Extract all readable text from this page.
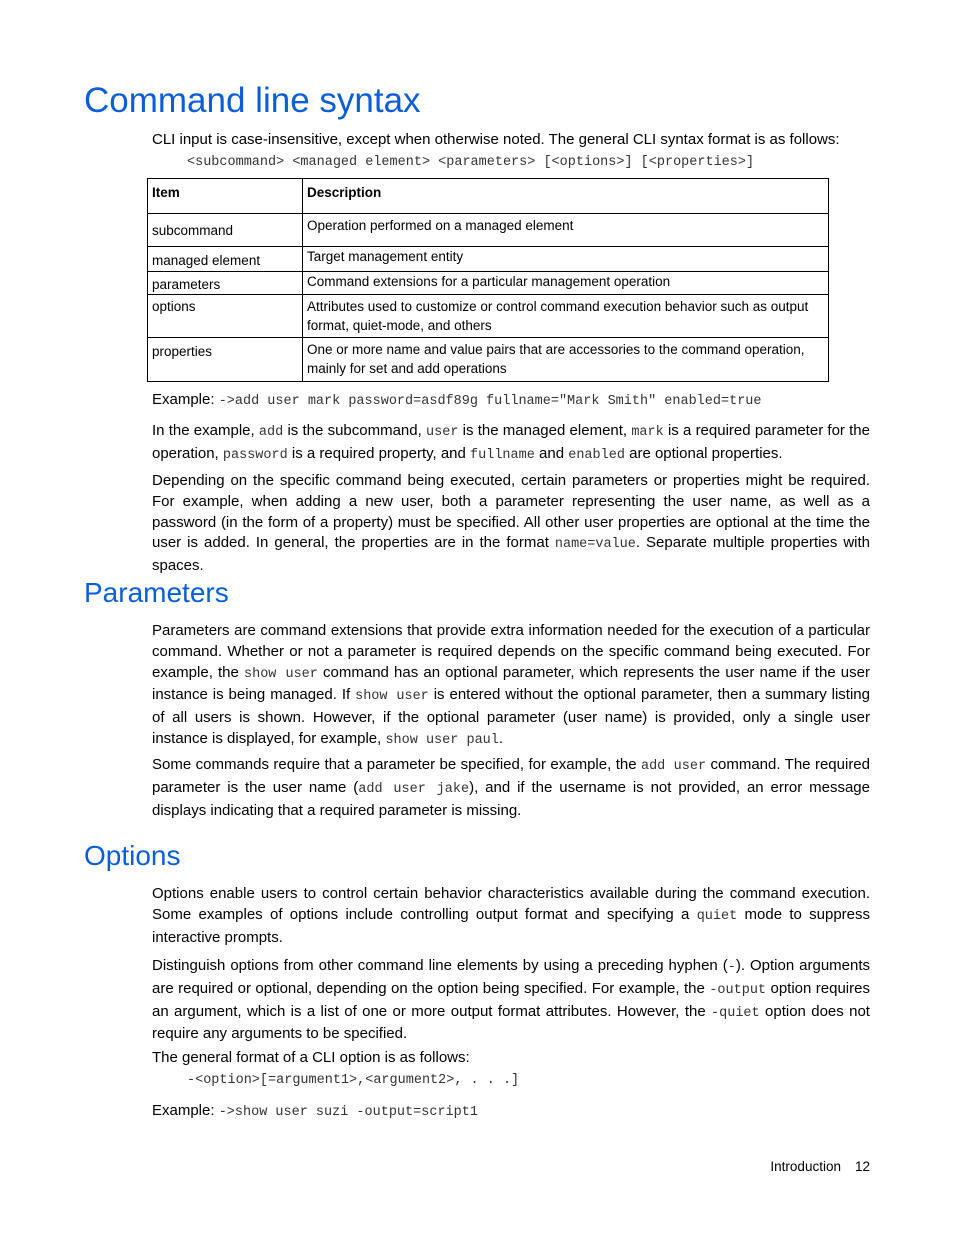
Command line syntax

CLI input is case-insensitive, except when otherwise noted. The general CLI syntax format is as follows:

<subcommand> <managed element> <parameters> [<options>] [<properties>]
Item	Description
subcommand	Operation performed on a managed element
managed element	Target management entity
parameters	Command extensions for a particular management operation
options	Attributes used to customize or control command execution behavior such as output format, quiet-mode, and others
properties	One or more name and value pairs that are accessories to the command operation, mainly for set and add operations

Example: ->add user mark password=asdf89g fullname="Mark Smith" enabled=true

In the example, add is the subcommand, user is the managed element, mark is a required parameter for the operation, password is a required property, and fullname and enabled are optional properties.

Depending on the specific command being executed, certain parameters or properties might be required. For example, when adding a new user, both a parameter representing the user name, as well as a password (in the form of a property) must be specified. All other user properties are optional at the time the user is added. In general, the properties are in the format name=value. Separate multiple properties with spaces.

Parameters

Parameters are command extensions that provide extra information needed for the execution of a particular command. Whether or not a parameter is required depends on the specific command being executed. For example, the show user command has an optional parameter, which represents the user name if the user instance is being managed. If show user is entered without the optional parameter, then a summary listing of all users is shown. However, if the optional parameter (user name) is provided, only a single user instance is displayed, for example, show user paul.

Some commands require that a parameter be specified, for example, the add user command. The required parameter is the user name (add user jake), and if the username is not provided, an error message displays indicating that a required parameter is missing.

Options

Options enable users to control certain behavior characteristics available during the command execution. Some examples of options include controlling output format and specifying a quiet mode to suppress interactive prompts.

Distinguish options from other command line elements by using a preceding hyphen (-). Option arguments are required or optional, depending on the option being specified. For example, the -output option requires an argument, which is a list of one or more output format attributes. However, the -quiet option does not require any arguments to be specified.

The general format of a CLI option is as follows:

-<option>[=argument1>,<argument2>, . . .]

Example: ->show user suzi -output=script1

Introduction 12
